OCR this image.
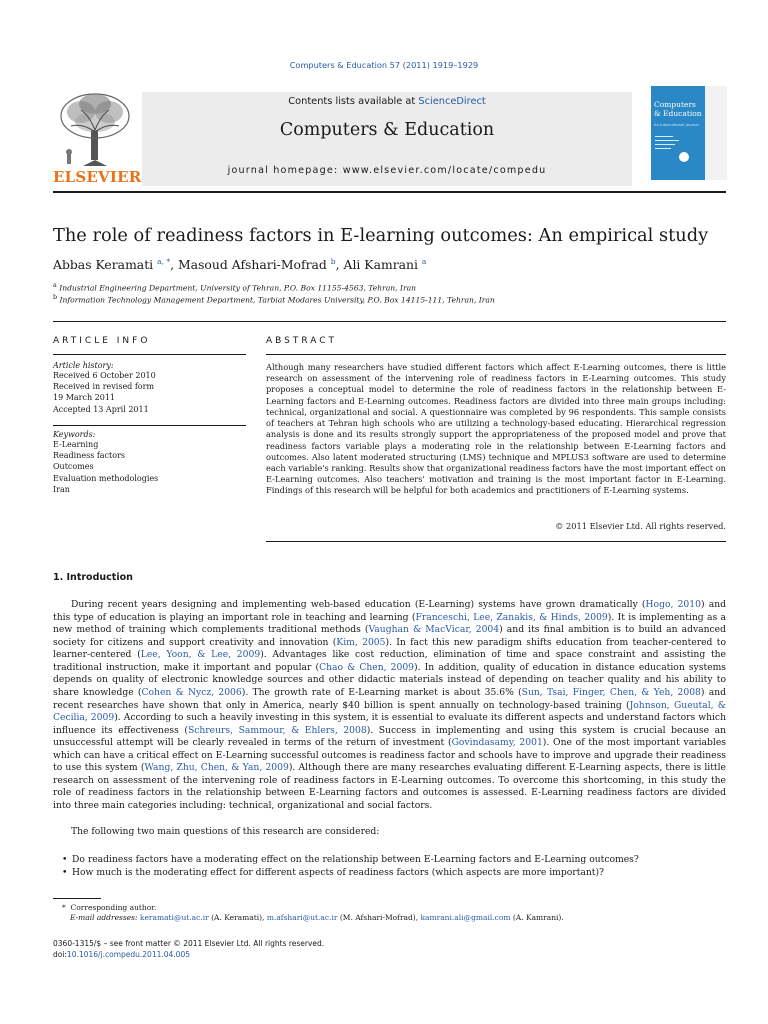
Computers & Education 57 (2011) 1919–1929
ELSEVIER
Contents lists available at ScienceDirect
Computers & Education
journal homepage: www.elsevier.com/locate/compedu
Computers & Education
An International Journal
The role of readiness factors in E-learning outcomes: An empirical study
Abbas Keramati $^{a, *}$, Masoud Afshari-Mofrad $^b$, Ali Kamrani $^a$
$^a$ Industrial Engineering Department, University of Tehran, P.O. Box 11155-4563, Tehran, Iran
$^b$ Information Technology Management Department, Tarbiat Modares University, P.O. Box 14115-111, Tehran, Iran
ARTICLE INFO	ABSTRACT
Article history:
Received 6 October 2010
Received in revised form
19 March 2011
Accepted 13 April 2011
Keywords:
E-Learning
Readiness factors
Outcomes
Evaluation methodologies
Iran
Although many researchers have studied different factors which affect E-Learning outcomes, there is little research on assessment of the intervening role of readiness factors in E-Learning outcomes. This study proposes a conceptual model to determine the role of readiness factors in the relationship between E-Learning factors and E-Learning outcomes. Readiness factors are divided into three main groups including: technical, organizational and social. A questionnaire was completed by 96 respondents. This sample consists of teachers at Tehran high schools who are utilizing a technology-based educating. Hierarchical regression analysis is done and its results strongly support the appropriateness of the proposed model and prove that readiness factors variable plays a moderating role in the relationship between E-Learning factors and outcomes. Also latent moderated structuring (LMS) technique and MPLUS3 software are used to determine each variable's ranking. Results show that organizational readiness factors have the most important effect on E-Learning outcomes. Also teachers' motivation and training is the most important factor in E-Learning. Findings of this research will be helpful for both academics and practitioners of E-Learning systems.
© 2011 Elsevier Ltd. All rights reserved.
1. Introduction
During recent years designing and implementing web-based education (E-Learning) systems have grown dramatically (Hogo, 2010) and this type of education is playing an important role in teaching and learning (Franceschi, Lee, Zanakis, & Hinds, 2009). It is implementing as a new method of training which complements traditional methods (Vaughan & MacVicar, 2004) and its final ambition is to build an advanced society for citizens and support creativity and innovation (Kim, 2005). In fact this new paradigm shifts education from teacher-centered to learner-centered (Lee, Yoon, & Lee, 2009). Advantages like cost reduction, elimination of time and space constraint and assisting the traditional instruction, make it important and popular (Chao & Chen, 2009). In addition, quality of education in distance education systems depends on quality of electronic knowledge sources and other didactic materials instead of depending on teacher quality and his ability to share knowledge (Cohen & Nycz, 2006). The growth rate of E-Learning market is about 35.6% (Sun, Tsai, Finger, Chen, & Yeh, 2008) and recent researches have shown that only in America, nearly $40 billion is spent annually on technology-based training (Johnson, Gueutal, & Cecilia, 2009). According to such a heavily investing in this system, it is essential to evaluate its different aspects and understand factors which influence its effectiveness (Schreurs, Sammour, & Ehlers, 2008). Success in implementing and using this system is crucial because an unsuccessful attempt will be clearly revealed in terms of the return of investment (Govindasamy, 2001). One of the most important variables which can have a critical effect on E-Learning successful outcomes is readiness factor and schools have to improve and upgrade their readiness to use this system (Wang, Zhu, Chen, & Yan, 2009). Although there are many researches evaluating different E-Learning aspects, there is little research on assessment of the intervening role of readiness factors in E-Learning outcomes. To overcome this shortcoming, in this study the role of readiness factors in the relationship between E-Learning factors and outcomes is assessed. E-Learning readiness factors are divided into three main categories including: technical, organizational and social factors.
The following two main questions of this research are considered:
• Do readiness factors have a moderating effect on the relationship between E-Learning factors and E-Learning outcomes?
• How much is the moderating effect for different aspects of readiness factors (which aspects are more important)?
* Corresponding author.
E-mail addresses: keramati@ut.ac.ir (A. Keramati), m.afshari@ut.ac.ir (M. Afshari-Mofrad), kamrani.ali@gmail.com (A. Kamrani).
0360-1315/$ – see front matter © 2011 Elsevier Ltd. All rights reserved.
doi:10.1016/j.compedu.2011.04.005
